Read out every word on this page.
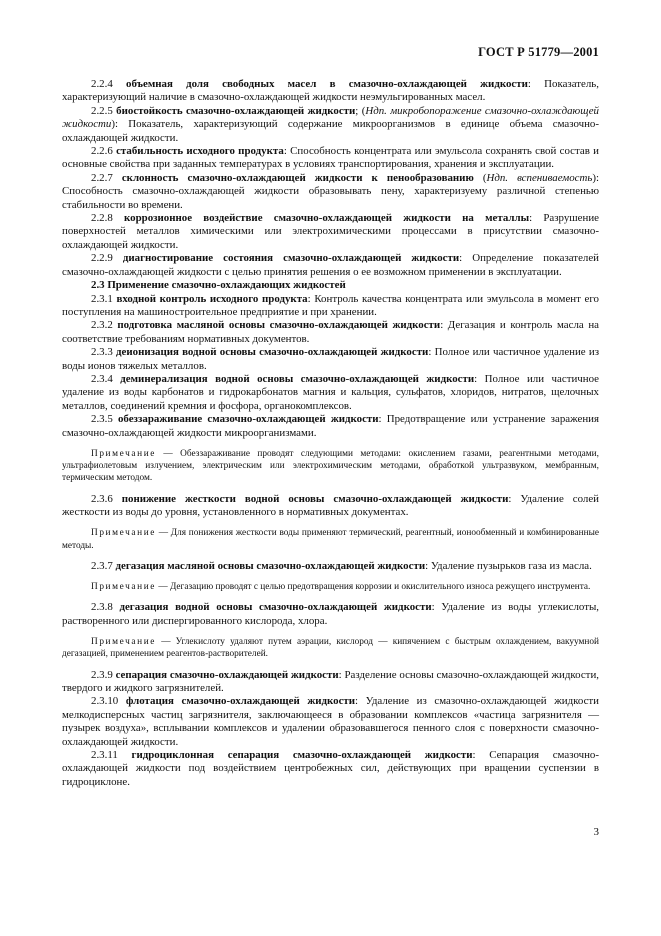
ГОСТ Р 51779—2001

2.2.4 объемная доля свободных масел в смазочно-охлаждающей жидкости: Показатель, характеризующий наличие в смазочно-охлаждающей жидкости неэмульгированных масел.

2.2.5 биостойкость смазочно-охлаждающей жидкости; (Ндп. микробопоражение смазочно-охлаждающей жидкости): Показатель, характеризующий содержание микроорганизмов в единице объема смазочно-охлаждающей жидкости.

2.2.6 стабильность исходного продукта: Способность концентрата или эмульсола сохранять свой состав и основные свойства при заданных температурах в условиях транспортирования, хранения и эксплуатации.

2.2.7 склонность смазочно-охлаждающей жидкости к пенообразованию (Ндп. вспениваемость): Способность смазочно-охлаждающей жидкости образовывать пену, характеризуему различной степенью стабильности во времени.

2.2.8 коррозионное воздействие смазочно-охлаждающей жидкости на металлы: Разрушение поверхностей металлов химическими или электрохимическими процессами в присутствии смазочно-охлаждающей жидкости.

2.2.9 диагностирование состояния смазочно-охлаждающей жидкости: Определение показателей смазочно-охлаждающей жидкости с целью принятия решения о ее возможном применении в эксплуатации.

2.3 Применение смазочно-охлаждающих жидкостей

2.3.1 входной контроль исходного продукта: Контроль качества концентрата или эмульсола в момент его поступления на машиностроительное предприятие и при хранении.

2.3.2 подготовка масляной основы смазочно-охлаждающей жидкости: Дегазация и контроль масла на соответствие требованиям нормативных документов.

2.3.3 деионизация водной основы смазочно-охлаждающей жидкости: Полное или частичное удаление из воды ионов тяжелых металлов.

2.3.4 деминерализация водной основы смазочно-охлаждающей жидкости: Полное или частичное удаление из воды карбонатов и гидрокарбонатов магния и кальция, сульфатов, хлоридов, нитратов, щелочных металлов, соединений кремния и фосфора, органокомплексов.

2.3.5 обеззараживание смазочно-охлаждающей жидкости: Предотвращение или устранение заражения смазочно-охлаждающей жидкости микроорганизмами.

Примечание — Обеззараживание проводят следующими методами: окислением газами, реагентными методами, ультрафиолетовым излучением, электрическим или электрохимическим методами, обработкой ультразвуком, мембранным, термическим методом.

2.3.6 понижение жесткости водной основы смазочно-охлаждающей жидкости: Удаление солей жесткости из воды до уровня, установленного в нормативных документах.

Примечание — Для понижения жесткости воды применяют термический, реагентный, ионообменный и комбинированные методы.

2.3.7 дегазация масляной основы смазочно-охлаждающей жидкости: Удаление пузырьков газа из масла.

Примечание — Дегазацию проводят с целью предотвращения коррозии и окислительного износа режущего инструмента.

2.3.8 дегазация водной основы смазочно-охлаждающей жидкости: Удаление из воды углекислоты, растворенного или диспергированного кислорода, хлора.

Примечание — Углекислоту удаляют путем аэрации, кислород — кипячением с быстрым охлаждением, вакуумной дегазацией, применением реагентов-растворителей.

2.3.9 сепарация смазочно-охлаждающей жидкости: Разделение основы смазочно-охлаждающей жидкости, твердого и жидкого загрязнителей.

2.3.10 флотация смазочно-охлаждающей жидкости: Удаление из смазочно-охлаждающей жидкости мелкодисперсных частиц загрязнителя, заключающееся в образовании комплексов «частица загрязнителя — пузырек воздуха», всплывании комплексов и удалении образовавшегося пенного слоя с поверхности смазочно-охлаждающей жидкости.

2.3.11 гидроциклонная сепарация смазочно-охлаждающей жидкости: Сепарация смазочно-охлаждающей жидкости под воздействием центробежных сил, действующих при вращении суспензии в гидроциклоне.

3
